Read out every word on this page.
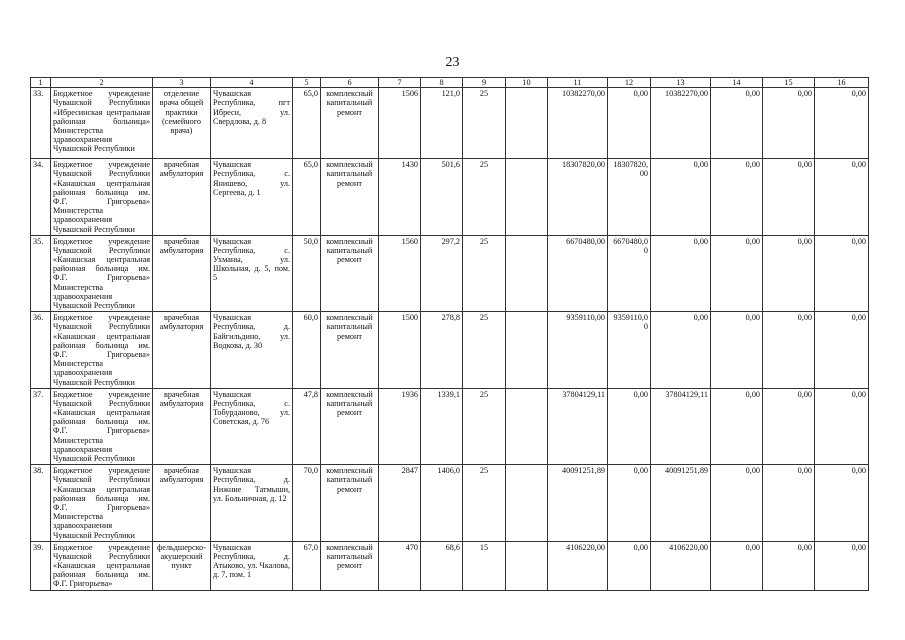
23
1	2	3	4	5	6	7	8	9	10	11	12	13	14	15	16
33.	Бюджетное учреждение Чувашской Республики «Ибресинская центральная районная больница» Министерства здравоохранения Чувашской Республики	отделение врача общей практики (семейного врача)	Чувашская Республика, пгт Ибреси, ул. Свердлова, д. 8	65,0	комплексный капитальный ремонт	1506	121,0	25		10382270,00	0,00	10382270,00	0,00	0,00	0,00
34.	Бюджетное учреждение Чувашской Республики «Канашская центральная районная больница им. Ф.Г. Григорьева» Министерства здравоохранения Чувашской Республики	врачебная амбулатория	Чувашская Республика, с. Янишево, ул. Сергеева, д. 1	65,0	комплексный капитальный ремонт	1430	501,6	25		18307820,00	18307820,00	0,00	0,00	0,00	0,00
35.	Бюджетное учреждение Чувашской Республики «Канашская центральная районная больница им. Ф.Г. Григорьева» Министерства здравоохранения Чувашской Республики	врачебная амбулатория	Чувашская Республика, с. Ухманы, ул. Школьная, д. 5, пом. 5	50,0	комплексный капитальный ремонт	1560	297,2	25		6670480,00	6670480,00	0,00	0,00	0,00	0,00
36.	Бюджетное учреждение Чувашской Республики «Канашская центральная районная больница им. Ф.Г. Григорьева» Министерства здравоохранения Чувашской Республики	врачебная амбулатория	Чувашская Республика, д. Байгильдино, ул. Водкова, д. 30	60,0	комплексный капитальный ремонт	1500	278,8	25		9359110,00	9359110,00	0,00	0,00	0,00	0,00
37.	Бюджетное учреждение Чувашской Республики «Канашская центральная районная больница им. Ф.Г. Григорьева» Министерства здравоохранения Чувашской Республики	врачебная амбулатория	Чувашская Республика, с. Тобурдановo, ул. Советская, д. 76	47,8	комплексный капитальный ремонт	1936	1339,1	25		37804129,11	0,00	37804129,11	0,00	0,00	0,00
38.	Бюджетное учреждение Чувашской Республики «Канашская центральная районная больница им. Ф.Г. Григорьева» Министерства здравоохранения Чувашской Республики	врачебная амбулатория	Чувашская Республика, д. Нижние Татмыши, ул. Больничная, д. 12	70,0	комплексный капитальный ремонт	2847	1406,0	25		40091251,89	0,00	40091251,89	0,00	0,00	0,00
39.	Бюджетное учреждение Чувашской Республики «Канашская центральная районная больница им. Ф.Г. Григорьева»	фельдшерско-акушерский пункт	Чувашская Республика, д. Атыково, ул. Чкалова, д. 7, пом. 1	67,0	комплексный капитальный ремонт	470	68,6	15		4106220,00	0,00	4106220,00	0,00	0,00	0,00
